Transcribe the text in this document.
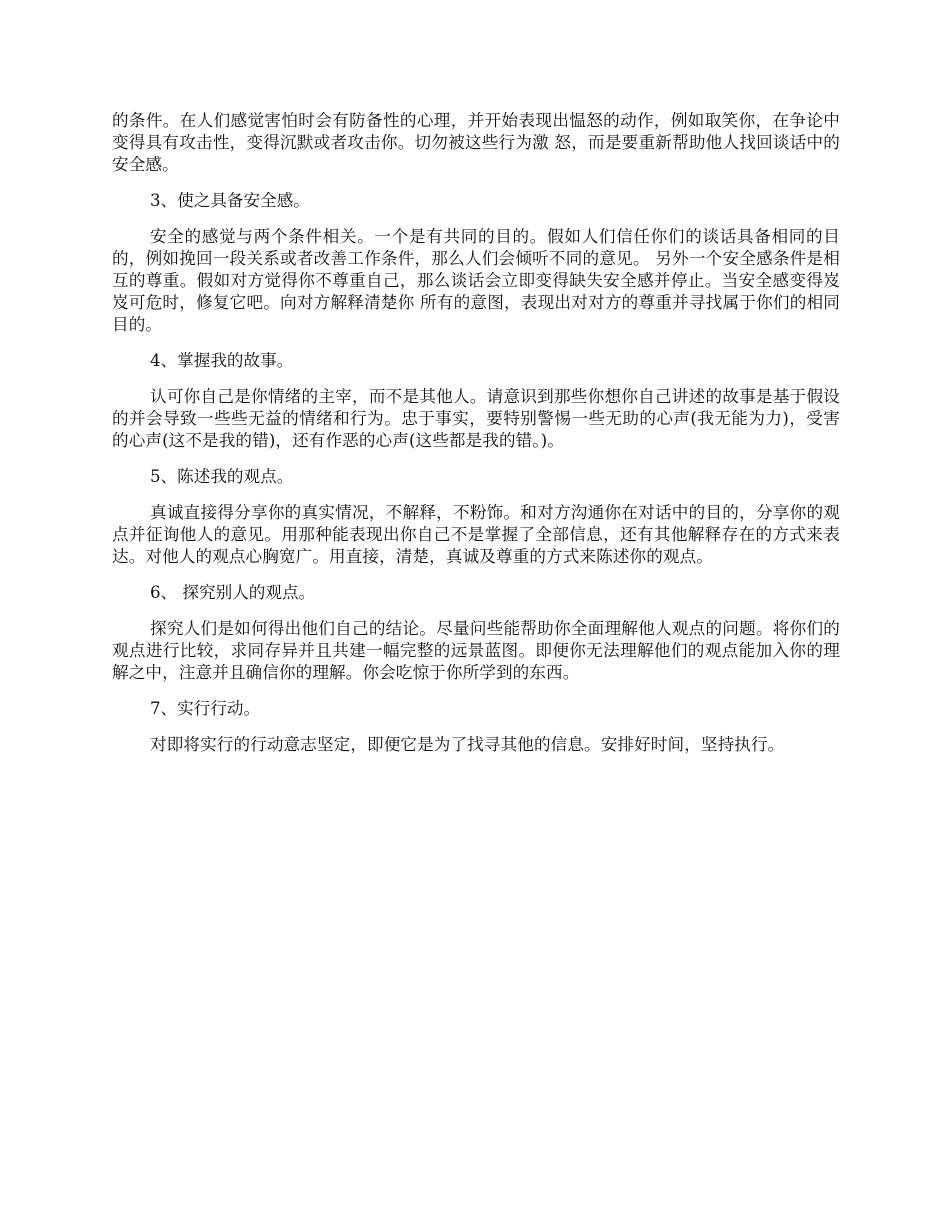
的条件。在人们感觉害怕时会有防备性的心理，并开始表现出愠怒的动作，例如取笑你，在争论中变得具有攻击性，变得沉默或者攻击你。切勿被这些行为激 怒，而是要重新帮助他人找回谈话中的安全感。

3、使之具备安全感。

安全的感觉与两个条件相关。一个是有共同的目的。假如人们信任你们的谈话具备相同的目的，例如挽回一段关系或者改善工作条件，那么人们会倾听不同的意见。 另外一个安全感条件是相互的尊重。假如对方觉得你不尊重自己，那么谈话会立即变得缺失安全感并停止。当安全感变得岌岌可危时，修复它吧。向对方解释清楚你 所有的意图，表现出对对方的尊重并寻找属于你们的相同目的。

4、掌握我的故事。

认可你自己是你情绪的主宰，而不是其他人。请意识到那些你想你自己讲述的故事是基于假设的并会导致一些些无益的情绪和行为。忠于事实，要特别警惕一些无助的心声(我无能为力)，受害的心声(这不是我的错)，还有作恶的心声(这些都是我的错。)。

5、陈述我的观点。

真诚直接得分享你的真实情况，不解释，不粉饰。和对方沟通你在对话中的目的，分享你的观点并征询他人的意见。用那种能表现出你自己不是掌握了全部信息，还有其他解释存在的方式来表达。对他人的观点心胸宽广。用直接，清楚，真诚及尊重的方式来陈述你的观点。

6、 探究别人的观点。

探究人们是如何得出他们自己的结论。尽量问些能帮助你全面理解他人观点的问题。将你们的观点进行比较，求同存异并且共建一幅完整的远景蓝图。即便你无法理解他们的观点能加入你的理解之中，注意并且确信你的理解。你会吃惊于你所学到的东西。

7、实行行动。

对即将实行的行动意志坚定，即便它是为了找寻其他的信息。安排好时间，坚持执行。
